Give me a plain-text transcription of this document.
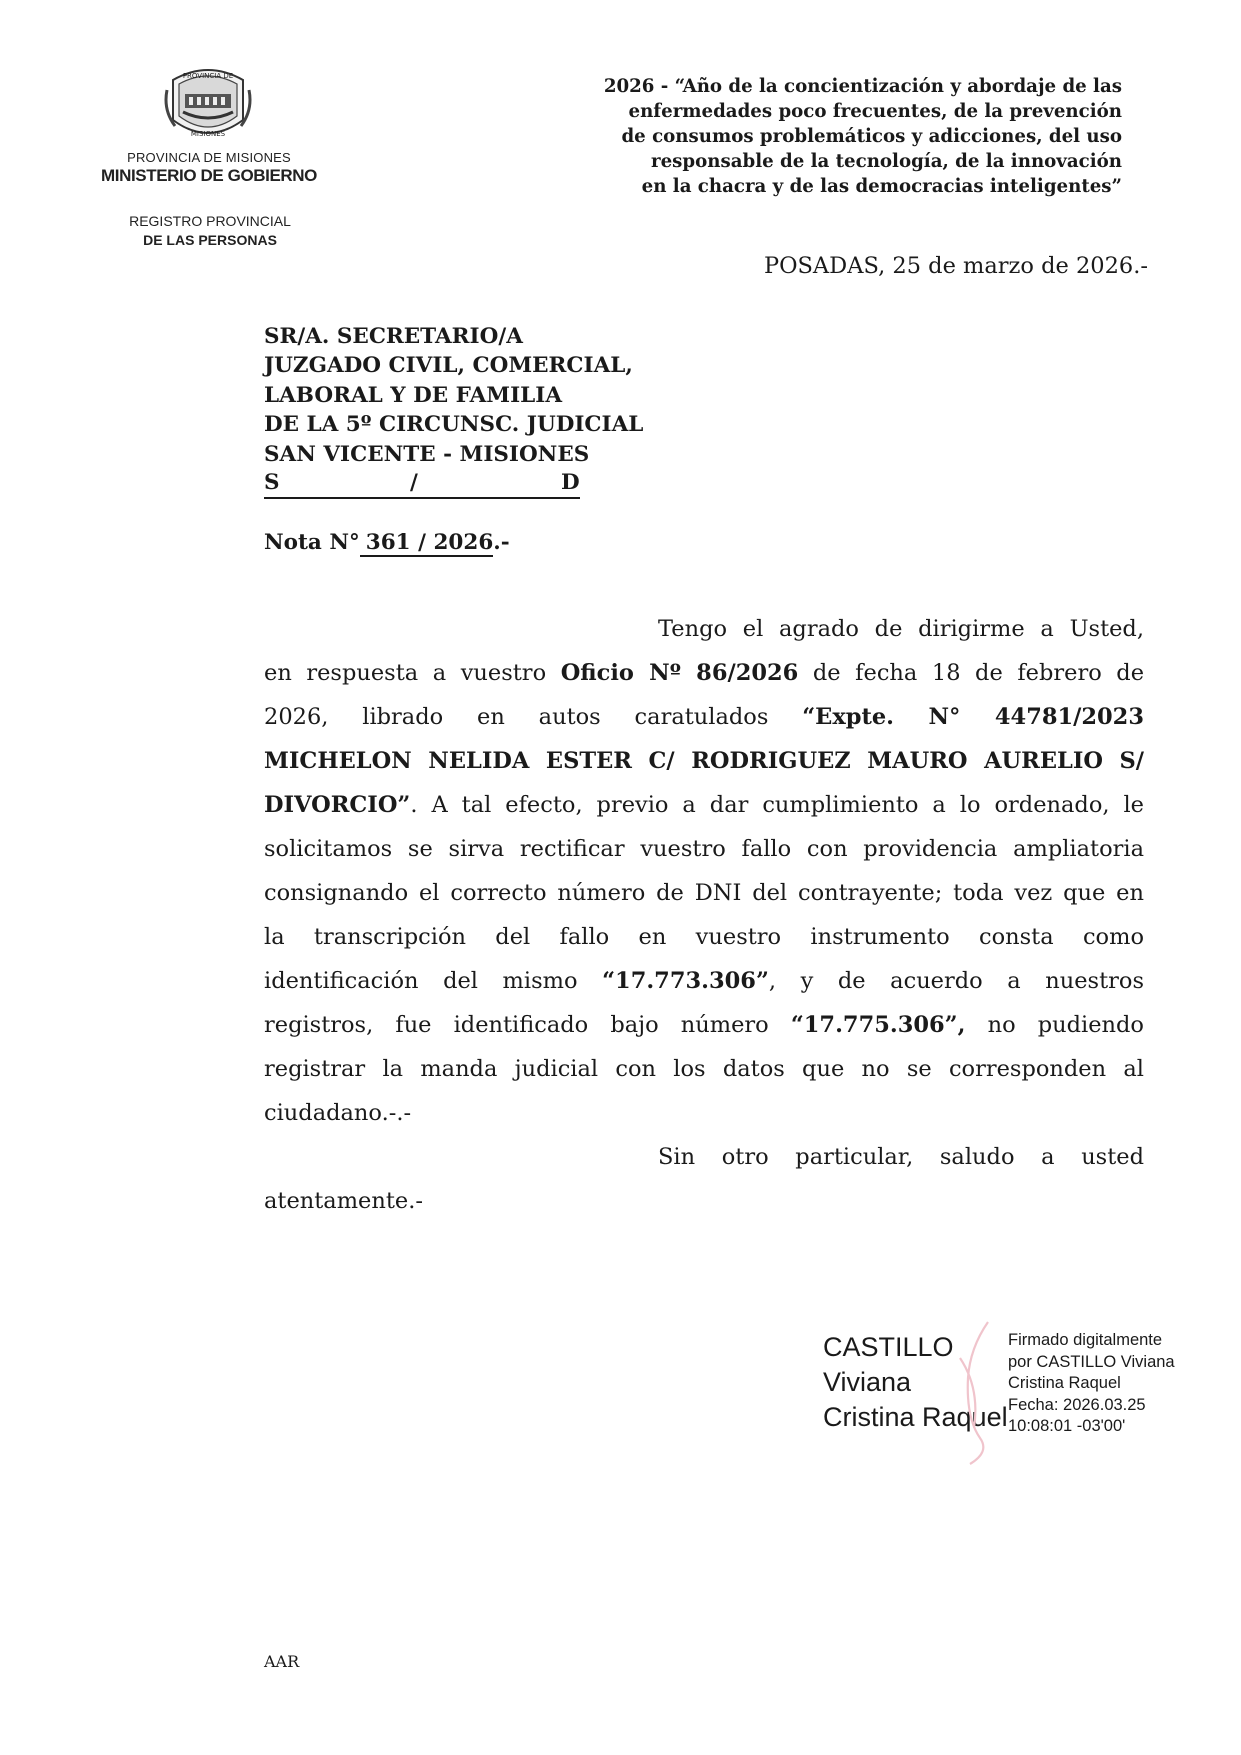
PROVINCIA DE
MISIONES
PROVINCIA DE MISIONES
MINISTERIO DE GOBIERNO
REGISTRO PROVINCIAL
DE LAS PERSONAS
2026 - “Año de la concientización y abordaje de las
enfermedades poco frecuentes, de la prevención
de consumos problemáticos y adicciones, del uso
responsable de la tecnología, de la innovación
en la chacra y de las democracias inteligentes”
POSADAS, 25 de marzo de 2026.-
SR/A. SECRETARIO/A
JUZGADO CIVIL, COMERCIAL,
LABORAL Y DE FAMILIA
DE LA 5º CIRCUNSC. JUDICIAL
SAN VICENTE - MISIONES
S	/	D
Nota N° 361 / 2026.-
Tengo el agrado de dirigirme a Usted,
en respuesta a vuestro Oficio Nº 86/2026 de fecha 18 de febrero de
2026, librado en autos caratulados “Expte. N° 44781/2023
MICHELON NELIDA ESTER C/ RODRIGUEZ MAURO AURELIO S/
DIVORCIO”. A tal efecto, previo a dar cumplimiento a lo ordenado, le
solicitamos se sirva rectificar vuestro fallo con providencia ampliatoria
consignando el correcto número de DNI del contrayente; toda vez que en
la transcripción del fallo en vuestro instrumento consta como
identificación del mismo “17.773.306”, y de acuerdo a nuestros
registros, fue identificado bajo número “17.775.306”, no pudiendo
registrar la manda judicial con los datos que no se corresponden al
ciudadano.-.-
Sin otro particular, saludo a usted
atentamente.-
CASTILLO
Viviana
Cristina Raquel
Firmado digitalmente
por CASTILLO Viviana
Cristina Raquel
Fecha: 2026.03.25
10:08:01 -03'00'
AAR
